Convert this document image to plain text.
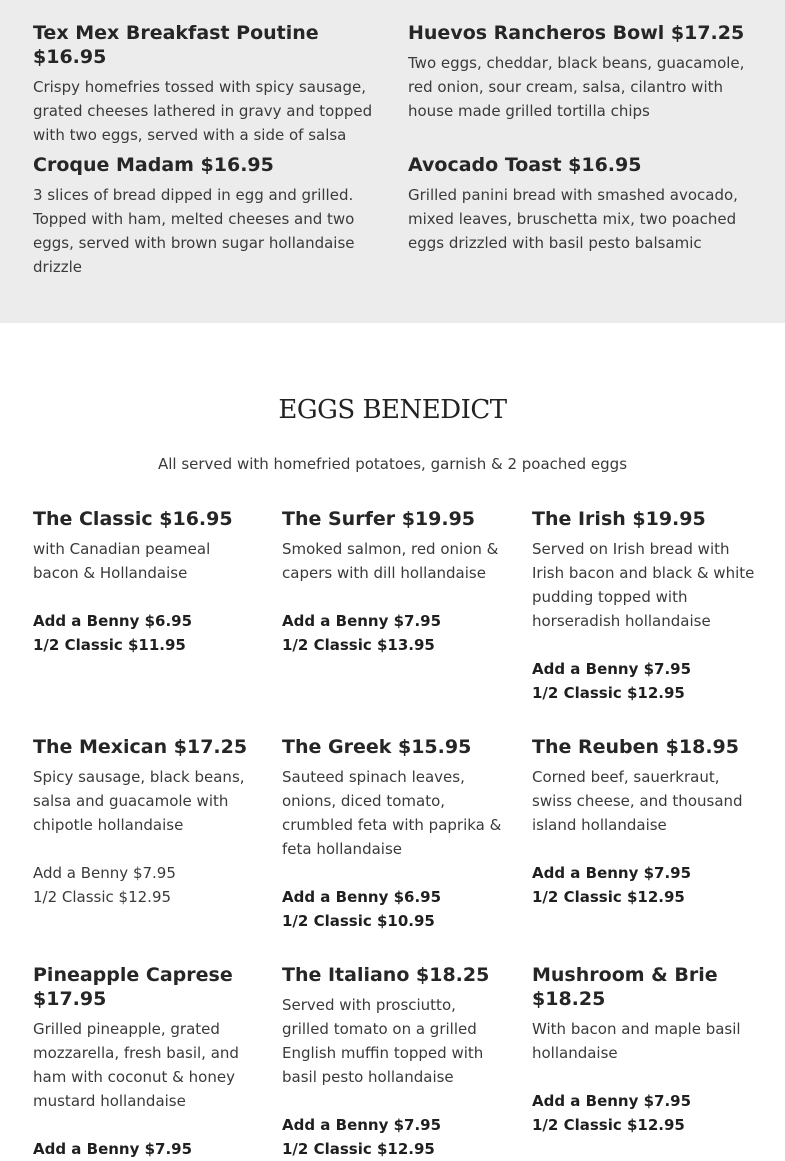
Tex Mex Breakfast Poutine $16.95

Crispy homefries tossed with spicy sausage, grated cheeses lathered in gravy and topped with two eggs, served with a side of salsa

Huevos Rancheros Bowl $17.25

Two eggs, cheddar, black beans, guacamole, red onion, sour cream, salsa, cilantro with house made grilled tortilla chips

Croque Madam $16.95

3 slices of bread dipped in egg and grilled. Topped with ham, melted cheeses and two eggs, served with brown sugar hollandaise drizzle

Avocado Toast $16.95

Grilled panini bread with smashed avocado, mixed leaves, bruschetta mix, two poached eggs drizzled with basil pesto balsamic

EGGS BENEDICT

All served with homefried potatoes, garnish & 2 poached eggs

The Classic $16.95

with Canadian peameal bacon & Hollandaise

Add a Benny $6.95
1/2 Classic $11.95
The Surfer $19.95

Smoked salmon, red onion & capers with dill hollandaise

Add a Benny $7.95
1/2 Classic $13.95
The Irish $19.95

Served on Irish bread with Irish bacon and black & white pudding topped with horseradish hollandaise

Add a Benny $7.95
1/2 Classic $12.95
The Mexican $17.25

Spicy sausage, black beans, salsa and guacamole with chipotle hollandaise

Add a Benny $7.95
1/2 Classic $12.95
The Greek $15.95

Sauteed spinach leaves, onions, diced tomato, crumbled feta with paprika & feta hollandaise

Add a Benny $6.95
1/2 Classic $10.95
The Reuben $18.95

Corned beef, sauerkraut, swiss cheese, and thousand island hollandaise

Add a Benny $7.95
1/2 Classic $12.95
Pineapple Caprese $17.95

Grilled pineapple, grated mozzarella, fresh basil, and ham with coconut & honey mustard hollandaise

Add a Benny $7.95
The Italiano $18.25

Served with prosciutto, grilled tomato on a grilled English muffin topped with basil pesto hollandaise

Add a Benny $7.95
1/2 Classic $12.95
Mushroom & Brie $18.25

With bacon and maple basil hollandaise

Add a Benny $7.95
1/2 Classic $12.95
